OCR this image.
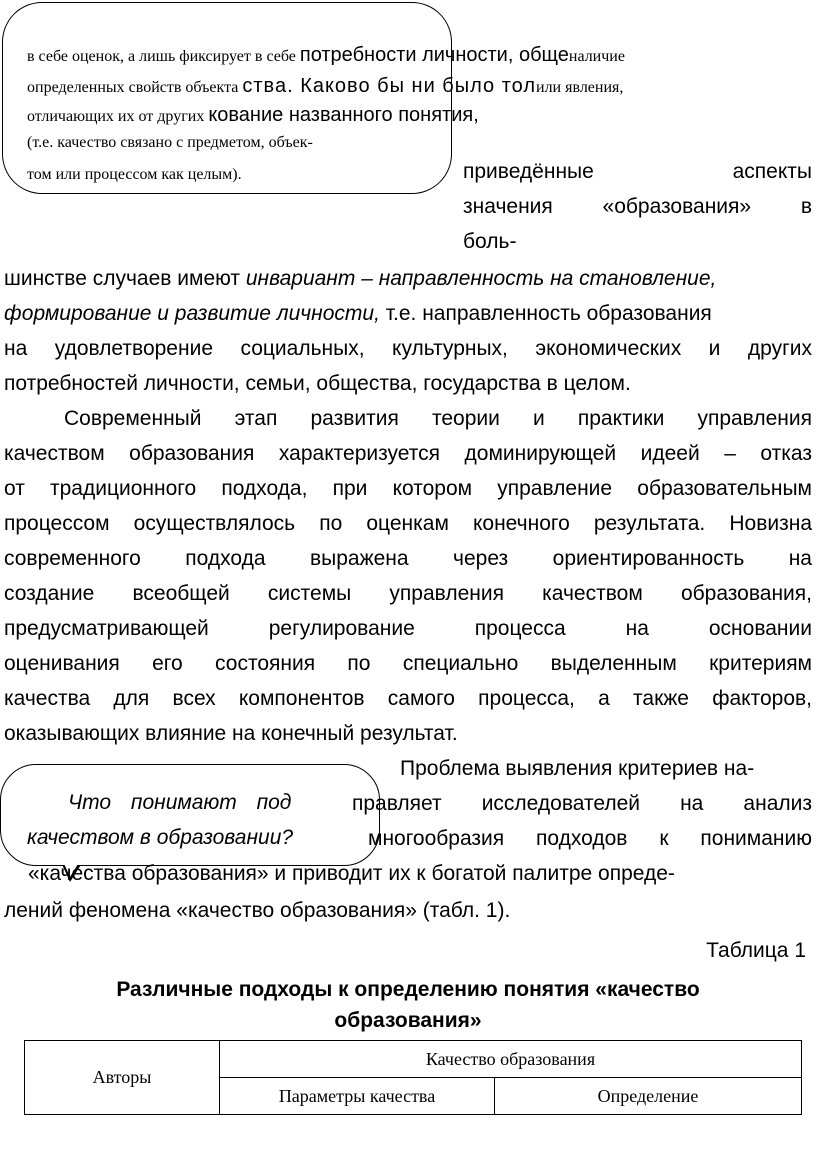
в себе оценок, а лишь фиксирует в себе потребности личности, общеналичие
определенных свойств объекта ства. Каково бы ни было толили явления,
отличающих их от других кование названного понятия,
(т.е. качество связано с предметом, объек-
том или процессом как целым).	приведённые	аспекты
значения «образования» в
боль-
шинстве случаев имеют инвариант – направленность на становление,
формирование и развитие личности, т.е. направленность образования
на удовлетворение социальных, культурных, экономических и других
потребностей личности, семьи, общества, государства в целом.
Современный этап развития теории и практики управления
качеством образования характеризуется доминирующей идеей – отказ
от традиционного подхода, при котором управление образовательным
процессом осуществлялось по оценкам конечного результата. Новизна
современного подхода выражена через ориентированность на
создание всеобщей системы управления качеством образования,
предусматривающей регулирование процесса на основании
оценивания его состояния по специально выделенным критериям
качества для всех компонентов самого процесса, а также факторов,
оказывающих влияние на конечный результат.
Проблема выявления критериев на-
Что понимают под
качеством в образовании?
правляет исследователей на анализ
многообразия подходов к пониманию
«качества образования» и приводит их к богатой палитре опреде-
лений феномена «качество образования» (табл. 1).
Таблица 1
Различные подходы к определению понятия «качество
образования»
Авторы	Качество образования	
	Параметры качества	Определение
